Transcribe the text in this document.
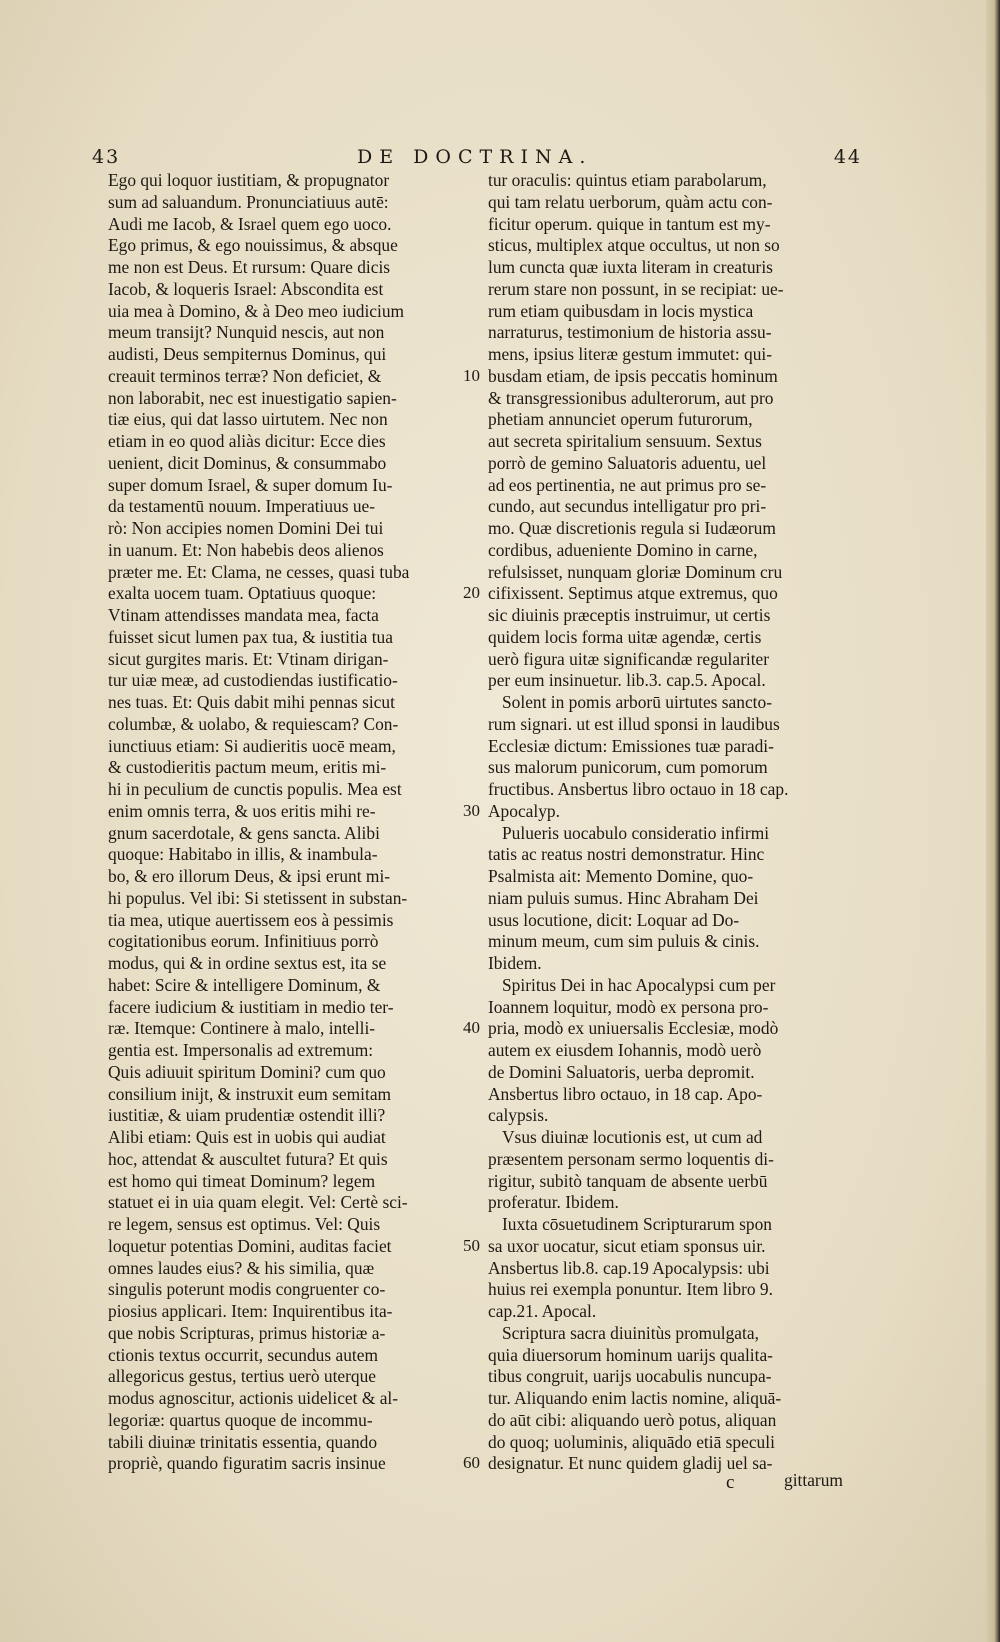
43	DE DOCTRINA.	44
Ego qui loquor iustitiam, & propugnator
sum ad saluandum. Pronunciatiuus autē:
Audi me Iacob, & Israel quem ego uoco.
Ego primus, & ego nouissimus, & absque
me non est Deus. Et rursum: Quare dicis
Iacob, & loqueris Israel: Abscondita est
uia mea à Domino, & à Deo meo iudicium
meum transijt? Nunquid nescis, aut non
audisti, Deus sempiternus Dominus, qui
creauit terminos terræ? Non deficiet, &
non laborabit, nec est inuestigatio sapien-
tiæ eius, qui dat lasso uirtutem. Nec non
etiam in eo quod aliàs dicitur: Ecce dies
uenient, dicit Dominus, & consummabo
super domum Israel, & super domum Iu-
da testamentū nouum. Imperatiuus ue-
rò: Non accipies nomen Domini Dei tui
in uanum. Et: Non habebis deos alienos
præter me. Et: Clama, ne cesses, quasi tuba
exalta uocem tuam. Optatiuus quoque:
Vtinam attendisses mandata mea, facta
fuisset sicut lumen pax tua, & iustitia tua
sicut gurgites maris. Et: Vtinam dirigan-
tur uiæ meæ, ad custodiendas iustificatio-
nes tuas. Et: Quis dabit mihi pennas sicut
columbæ, & uolabo, & requiescam? Con-
iunctiuus etiam: Si audieritis uocē meam,
& custodieritis pactum meum, eritis mi-
hi in peculium de cunctis populis. Mea est
enim omnis terra, & uos eritis mihi re-
gnum sacerdotale, & gens sancta. Alibi
quoque: Habitabo in illis, & inambula-
bo, & ero illorum Deus, & ipsi erunt mi-
hi populus. Vel ibi: Si stetissent in substan-
tia mea, utique auertissem eos à pessimis
cogitationibus eorum. Infinitiuus porrò
modus, qui & in ordine sextus est, ita se
habet: Scire & intelligere Dominum, &
facere iudicium & iustitiam in medio ter-
ræ. Itemque: Continere à malo, intelli-
gentia est. Impersonalis ad extremum:
Quis adiuuit spiritum Domini? cum quo
consilium inijt, & instruxit eum semitam
iustitiæ, & uiam prudentiæ ostendit illi?
Alibi etiam: Quis est in uobis qui audiat
hoc, attendat & auscultet futura? Et quis
est homo qui timeat Dominum? legem
statuet ei in uia quam elegit. Vel: Certè sci-
re legem, sensus est optimus. Vel: Quis
loquetur potentias Domini, auditas faciet
omnes laudes eius? & his similia, quæ
singulis poterunt modis congruenter co-
piosius applicari. Item: Inquirentibus ita-
que nobis Scripturas, primus historiæ a-
ctionis textus occurrit, secundus autem
allegoricus gestus, tertius uerò uterque
modus agnoscitur, actionis uidelicet & al-
legoriæ: quartus quoque de incommu-
tabili diuinæ trinitatis essentia, quando
propriè, quando figuratim sacris insinue
10
20
30
40
50
60
tur oraculis: quintus etiam parabolarum,
qui tam relatu uerborum, quàm actu con-
ficitur operum. quique in tantum est my-
sticus, multiplex atque occultus, ut non so
lum cuncta quæ iuxta literam in creaturis
rerum stare non possunt, in se recipiat: ue-
rum etiam quibusdam in locis mystica
narraturus, testimonium de historia assu-
mens, ipsius literæ gestum immutet: qui-
busdam etiam, de ipsis peccatis hominum
& transgressionibus adulterorum, aut pro
phetiam annunciet operum futurorum,
aut secreta spiritalium sensuum. Sextus
porrò de gemino Saluatoris aduentu, uel
ad eos pertinentia, ne aut primus pro se-
cundo, aut secundus intelligatur pro pri-
mo. Quæ discretionis regula si Iudæorum
cordibus, adueniente Domino in carne,
refulsisset, nunquam gloriæ Dominum cru
cifixissent. Septimus atque extremus, quo
sic diuinis præceptis instruimur, ut certis
quidem locis forma uitæ agendæ, certis
uerò figura uitæ significandæ regulariter
per eum insinuetur. lib.3. cap.5. Apocal.
Solent in pomis arborū uirtutes sancto-
rum signari. ut est illud sponsi in laudibus
Ecclesiæ dictum: Emissiones tuæ paradi-
sus malorum punicorum, cum pomorum
fructibus. Ansbertus libro octauo in 18 cap.
Apocalyp.
Pulueris uocabulo consideratio infirmi
tatis ac reatus nostri demonstratur. Hinc
Psalmista ait: Memento Domine, quo-
niam puluis sumus. Hinc Abraham Dei
usus locutione, dicit: Loquar ad Do-
minum meum, cum sim puluis & cinis.
Ibidem.
Spiritus Dei in hac Apocalypsi cum per
Ioannem loquitur, modò ex persona pro-
pria, modò ex uniuersalis Ecclesiæ, modò
autem ex eiusdem Iohannis, modò uerò
de Domini Saluatoris, uerba depromit.
Ansbertus libro octauo, in 18 cap. Apo-
calypsis.
Vsus diuinæ locutionis est, ut cum ad
præsentem personam sermo loquentis di-
rigitur, subitò tanquam de absente uerbū
proferatur. Ibidem.
Iuxta cōsuetudinem Scripturarum spon
sa uxor uocatur, sicut etiam sponsus uir.
Ansbertus lib.8. cap.19 Apocalypsis: ubi
huius rei exempla ponuntur. Item libro 9.
cap.21. Apocal.
Scriptura sacra diuinitùs promulgata,
quia diuersorum hominum uarijs qualita-
tibus congruit, uarijs uocabulis nuncupa-
tur. Aliquando enim lactis nomine, aliquā-
do aūt cibi: aliquando uerò potus, aliquan
do quoq; uoluminis, aliquādo etiā speculi
designatur. Et nunc quidem gladij uel sa-
c	gittarum
